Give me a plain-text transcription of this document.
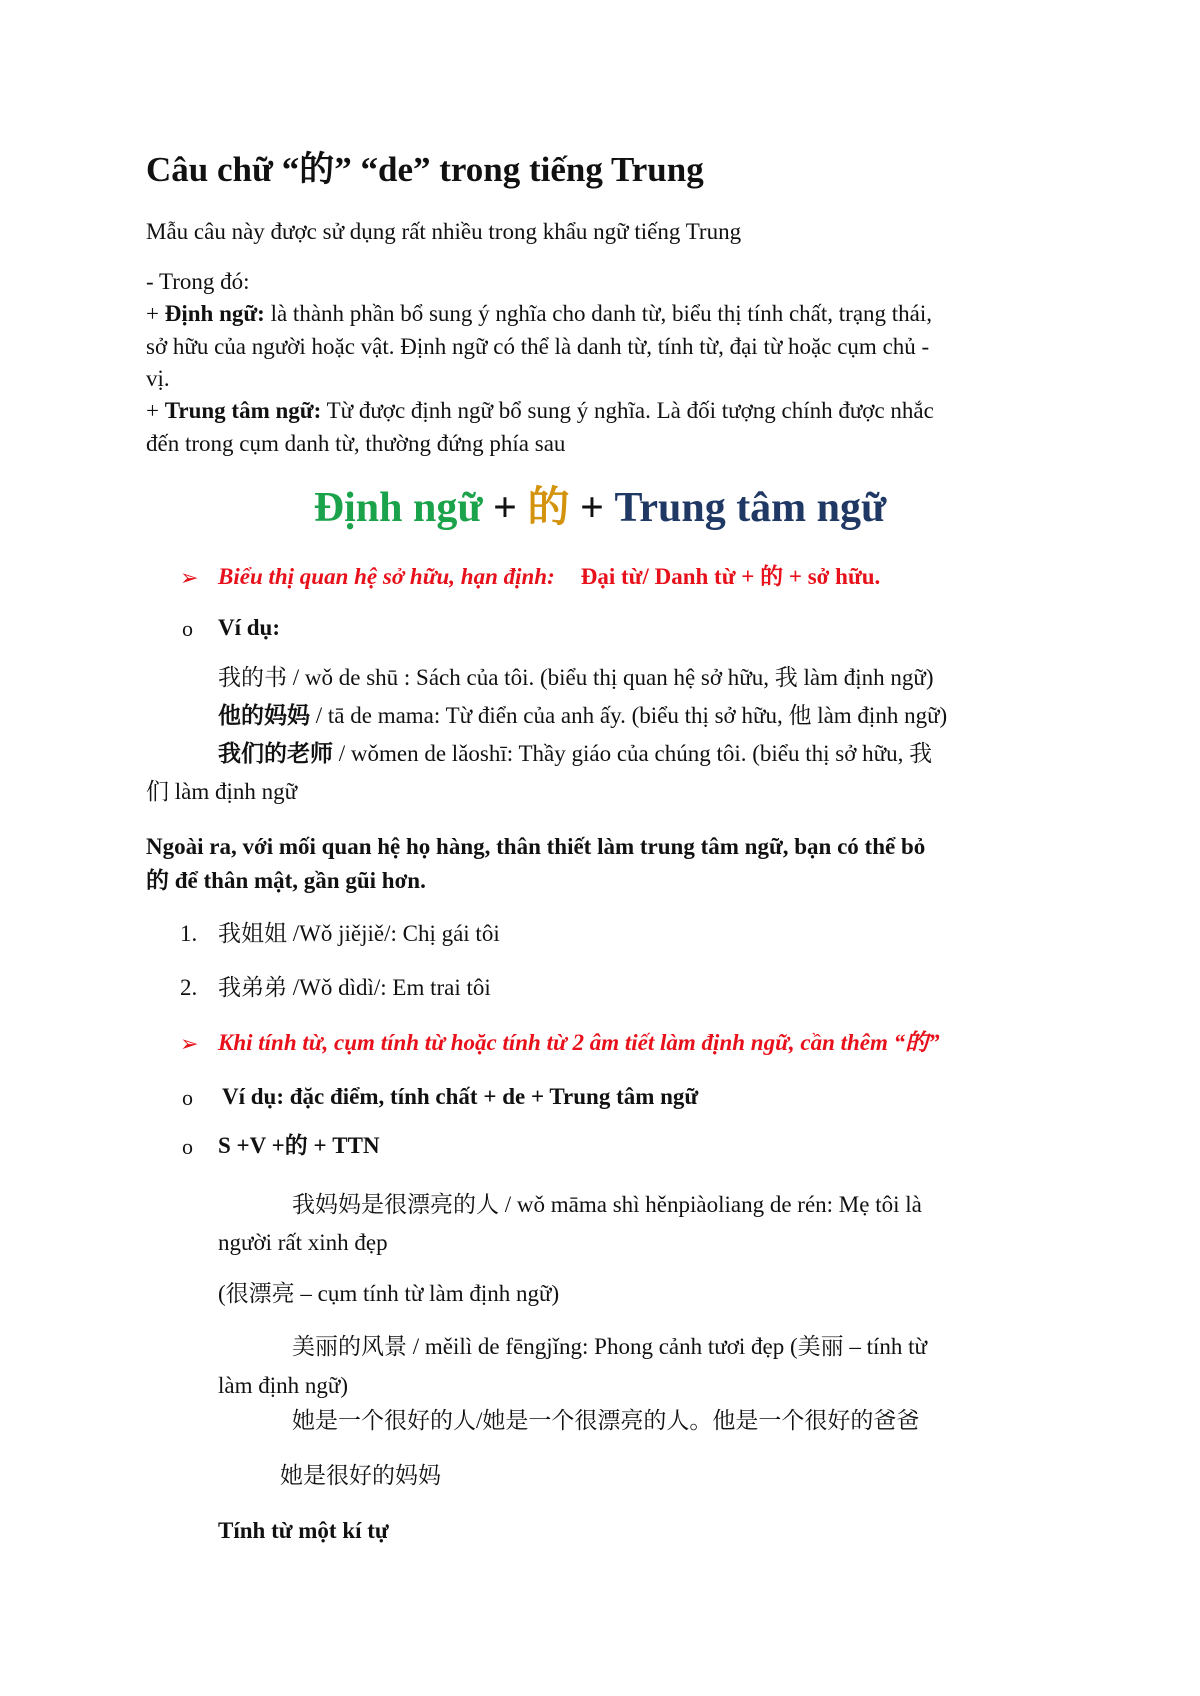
Câu chữ “的” “de” trong tiếng Trung
Mẫu câu này được sử dụng rất nhiều trong khẩu ngữ tiếng Trung
- Trong đó:
+ Định ngữ: là thành phần bổ sung ý nghĩa cho danh từ, biểu thị tính chất, trạng thái,
sở hữu của người hoặc vật. Định ngữ có thể là danh từ, tính từ, đại từ hoặc cụm chủ -
vị.
+ Trung tâm ngữ: Từ được định ngữ bổ sung ý nghĩa. Là đối tượng chính được nhắc
đến trong cụm danh từ, thường đứng phía sau
Định ngữ + 的 + Trung tâm ngữ
➢ Biểu thị quan hệ sở hữu, hạn định: Đại từ/ Danh từ + 的 + sở hữu.
o Ví dụ:
我的书 / wǒ de shū : Sách của tôi. (biểu thị quan hệ sở hữu, 我 làm định ngữ)
他的妈妈 / tā de mama: Từ điển của anh ấy. (biểu thị sở hữu, 他 làm định ngữ)
我们的老师 / wǒmen de lǎoshī: Thầy giáo của chúng tôi. (biểu thị sở hữu, 我
们 làm định ngữ
Ngoài ra, với mối quan hệ họ hàng, thân thiết làm trung tâm ngữ, bạn có thể bỏ
的 để thân mật, gần gũi hơn.
1. 我姐姐 /Wǒ jiějiě/: Chị gái tôi
2. 我弟弟 /Wǒ dìdì/: Em trai tôi
➢ Khi tính từ, cụm tính từ hoặc tính từ 2 âm tiết làm định ngữ, cần thêm “的”
o Ví dụ: đặc điểm, tính chất + de + Trung tâm ngữ
o S +V +的 + TTN
我妈妈是很漂亮的人 / wǒ māma shì hěnpiàoliang de rén: Mẹ tôi là
người rất xinh đẹp
(很漂亮 – cụm tính từ làm định ngữ)
美丽的风景 / měilì de fēngjǐng: Phong cảnh tươi đẹp (美丽 – tính từ
làm định ngữ)
她是一个很好的人/她是一个很漂亮的人。他是一个很好的爸爸
她是很好的妈妈
Tính từ một kí tự
